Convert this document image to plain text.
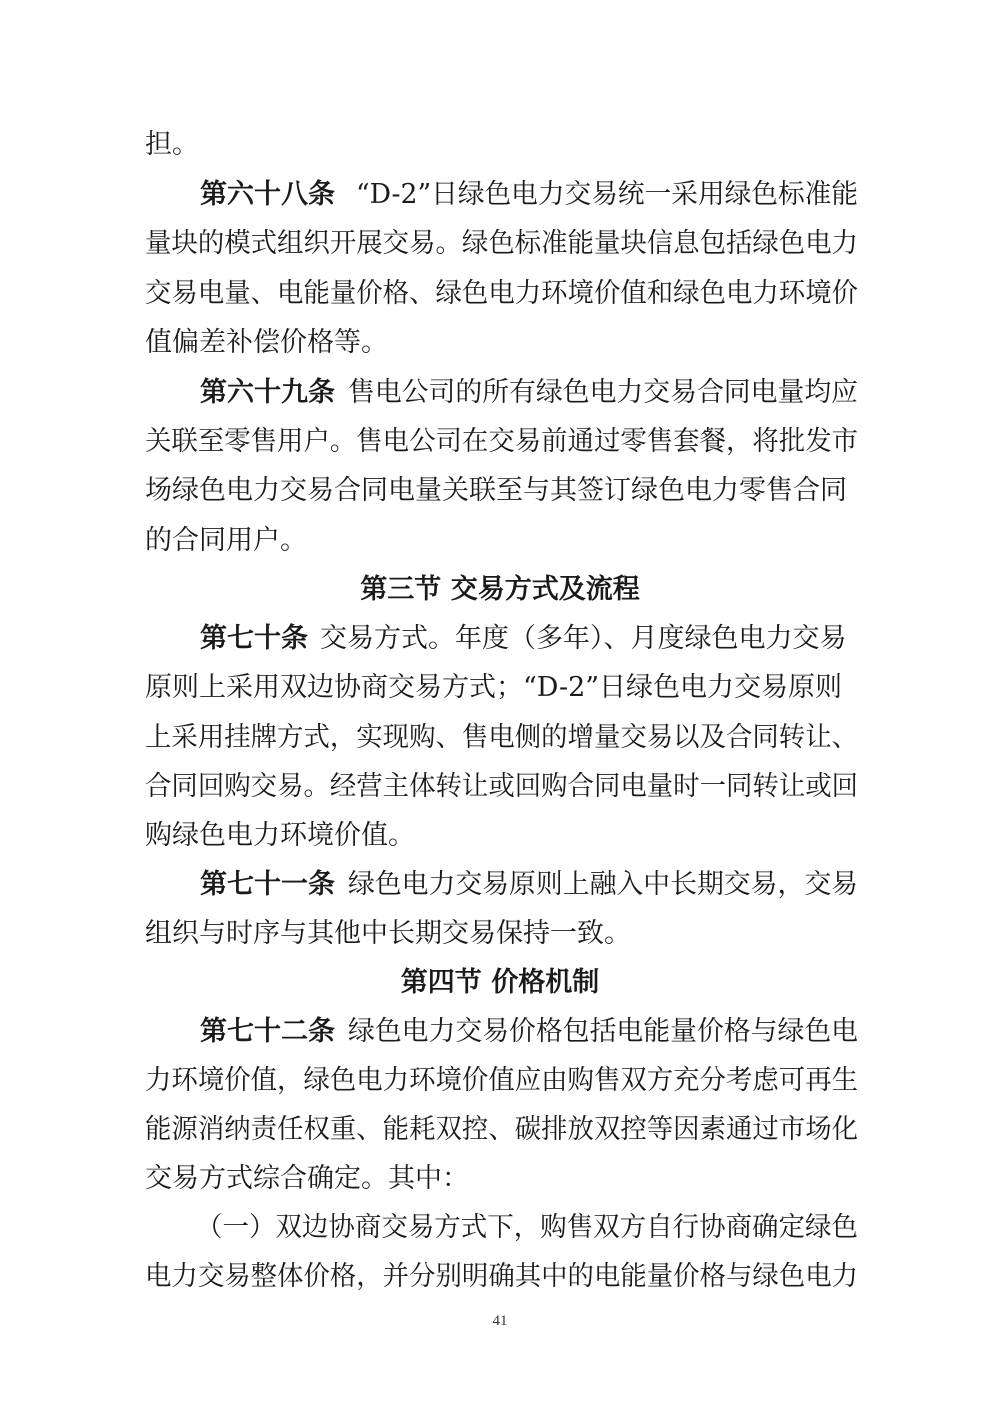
担。
第六十八条 “D-2”日绿色电力交易统一采用绿色标准能
量块的模式组织开展交易。绿色标准能量块信息包括绿色电力
交易电量、电能量价格、绿色电力环境价值和绿色电力环境价
值偏差补偿价格等。
第六十九条 售电公司的所有绿色电力交易合同电量均应
关联至零售用户。售电公司在交易前通过零售套餐，将批发市
场绿色电力交易合同电量关联至与其签订绿色电力零售合同
的合同用户。
第三节 交易方式及流程
第七十条 交易方式。年度（多年）、月度绿色电力交易
原则上采用双边协商交易方式；“D-2”日绿色电力交易原则
上采用挂牌方式，实现购、售电侧的增量交易以及合同转让、
合同回购交易。经营主体转让或回购合同电量时一同转让或回
购绿色电力环境价值。
第七十一条 绿色电力交易原则上融入中长期交易，交易
组织与时序与其他中长期交易保持一致。
第四节 价格机制
第七十二条 绿色电力交易价格包括电能量价格与绿色电
力环境价值，绿色电力环境价值应由购售双方充分考虑可再生
能源消纳责任权重、能耗双控、碳排放双控等因素通过市场化
交易方式综合确定。其中：
（一）双边协商交易方式下，购售双方自行协商确定绿色
电力交易整体价格，并分别明确其中的电能量价格与绿色电力
41
